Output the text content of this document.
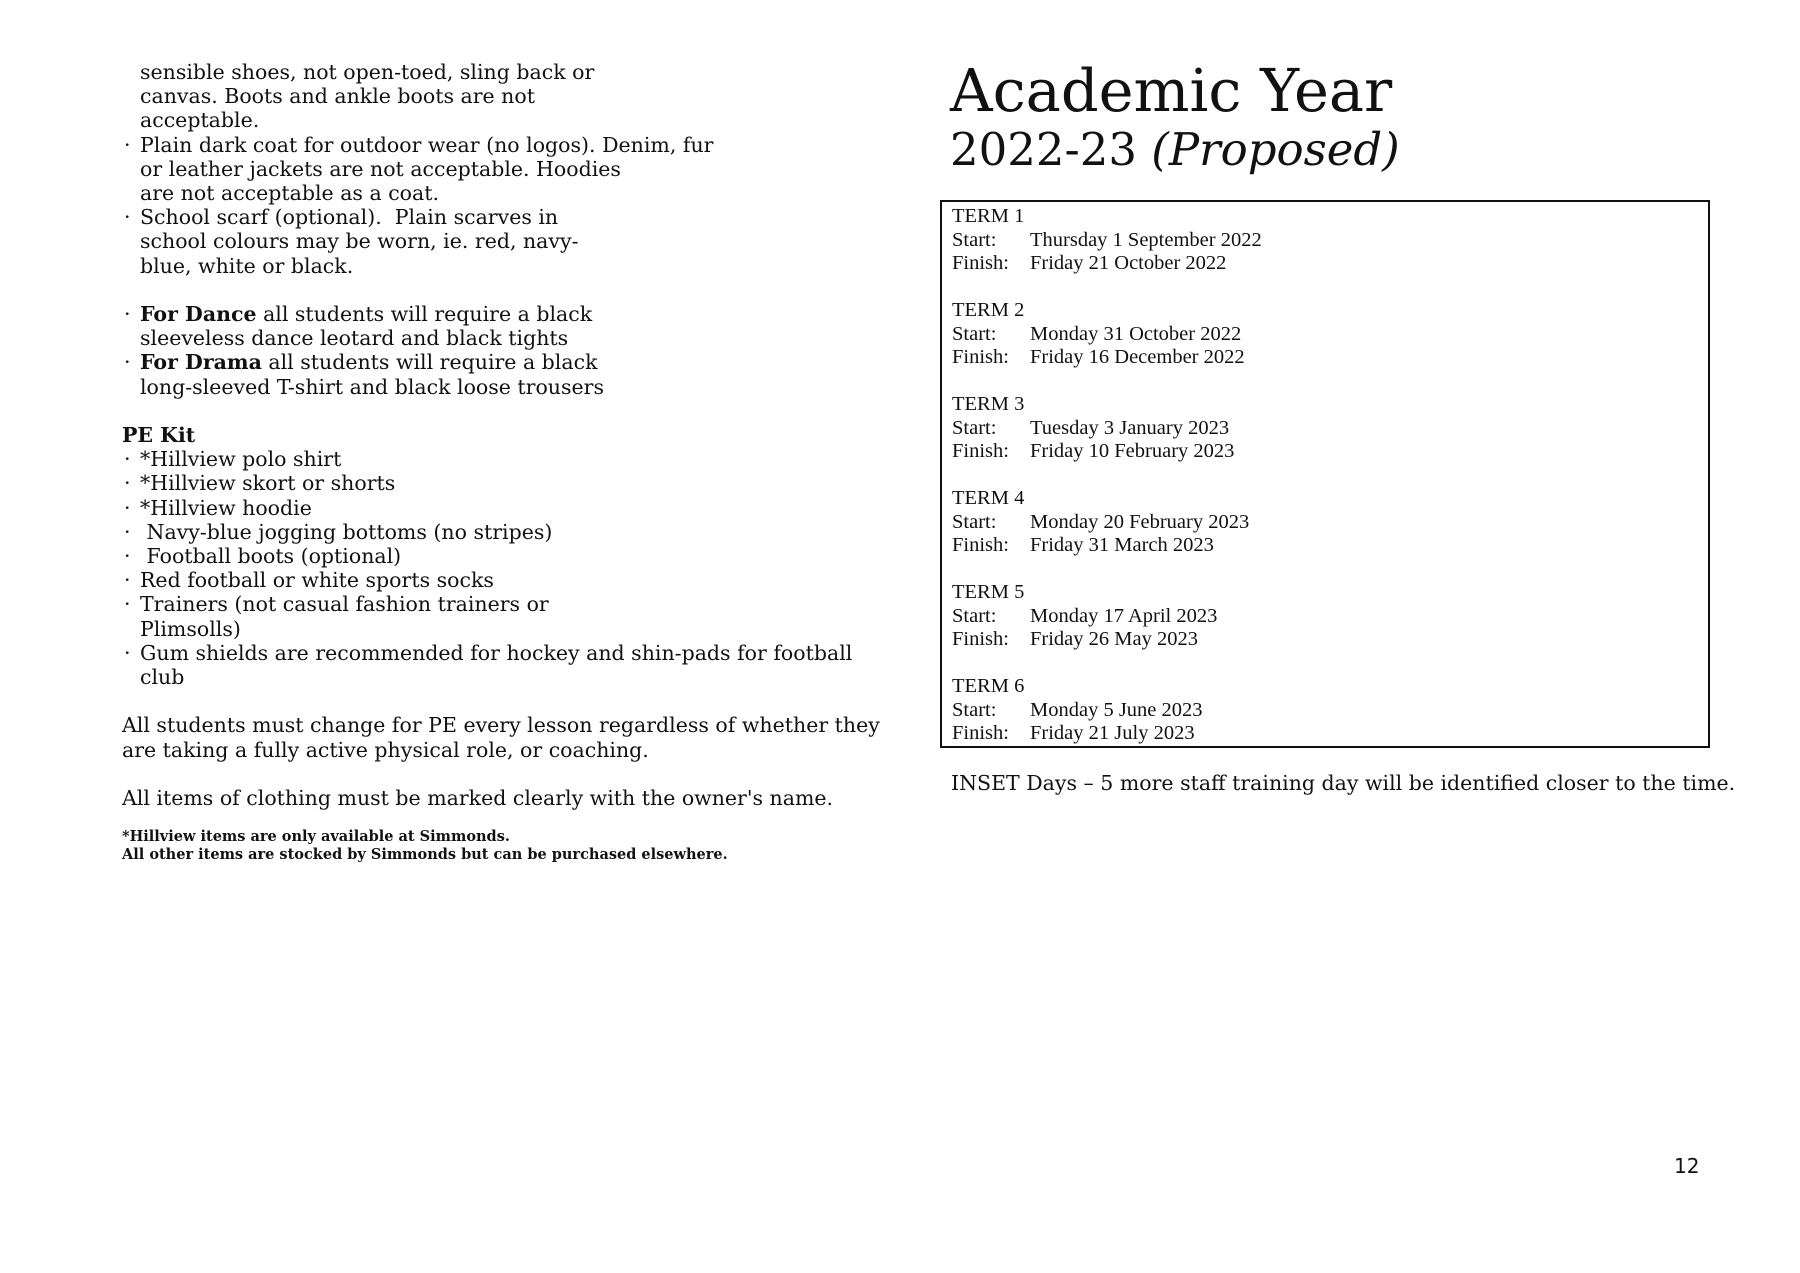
sensible shoes, not open-toed, sling back or
canvas. Boots and ankle boots are not
acceptable.
· Plain dark coat for outdoor wear (no logos). Denim, fur
or leather jackets are not acceptable. Hoodies
are not acceptable as a coat.
· School scarf (optional).  Plain scarves in
school colours may be worn, ie. red, navy-
blue, white or black.
· For Dance all students will require a black
sleeveless dance leotard and black tights
· For Drama all students will require a black
long-sleeved T-shirt and black loose trousers
PE Kit
· *Hillview polo shirt
· *Hillview skort or shorts
· *Hillview hoodie
· Navy-blue jogging bottoms (no stripes)
· Football boots (optional)
· Red football or white sports socks
· Trainers (not casual fashion trainers or
Plimsolls)
· Gum shields are recommended for hockey and shin-pads for football
club
All students must change for PE every lesson regardless of whether they
are taking a fully active physical role, or coaching.
All items of clothing must be marked clearly with the owner's name.
*Hillview items are only available at Simmonds.
All other items are stocked by Simmonds but can be purchased elsewhere.
Academic Year
2022-23 (Proposed)
TERM 1
Start:	Thursday 1 September 2022
Finish:	Friday 21 October 2022
TERM 2
Start:	Monday 31 October 2022
Finish:	Friday 16 December 2022
TERM 3
Start:	Tuesday 3 January 2023
Finish:	Friday 10 February 2023
TERM 4
Start:	Monday 20 February 2023
Finish:	Friday 31 March 2023
TERM 5
Start:	Monday 17 April 2023
Finish:	Friday 26 May 2023
TERM 6
Start:	Monday 5 June 2023
Finish:	Friday 21 July 2023
INSET Days – 5 more staff training day will be identified closer to the time.
12
